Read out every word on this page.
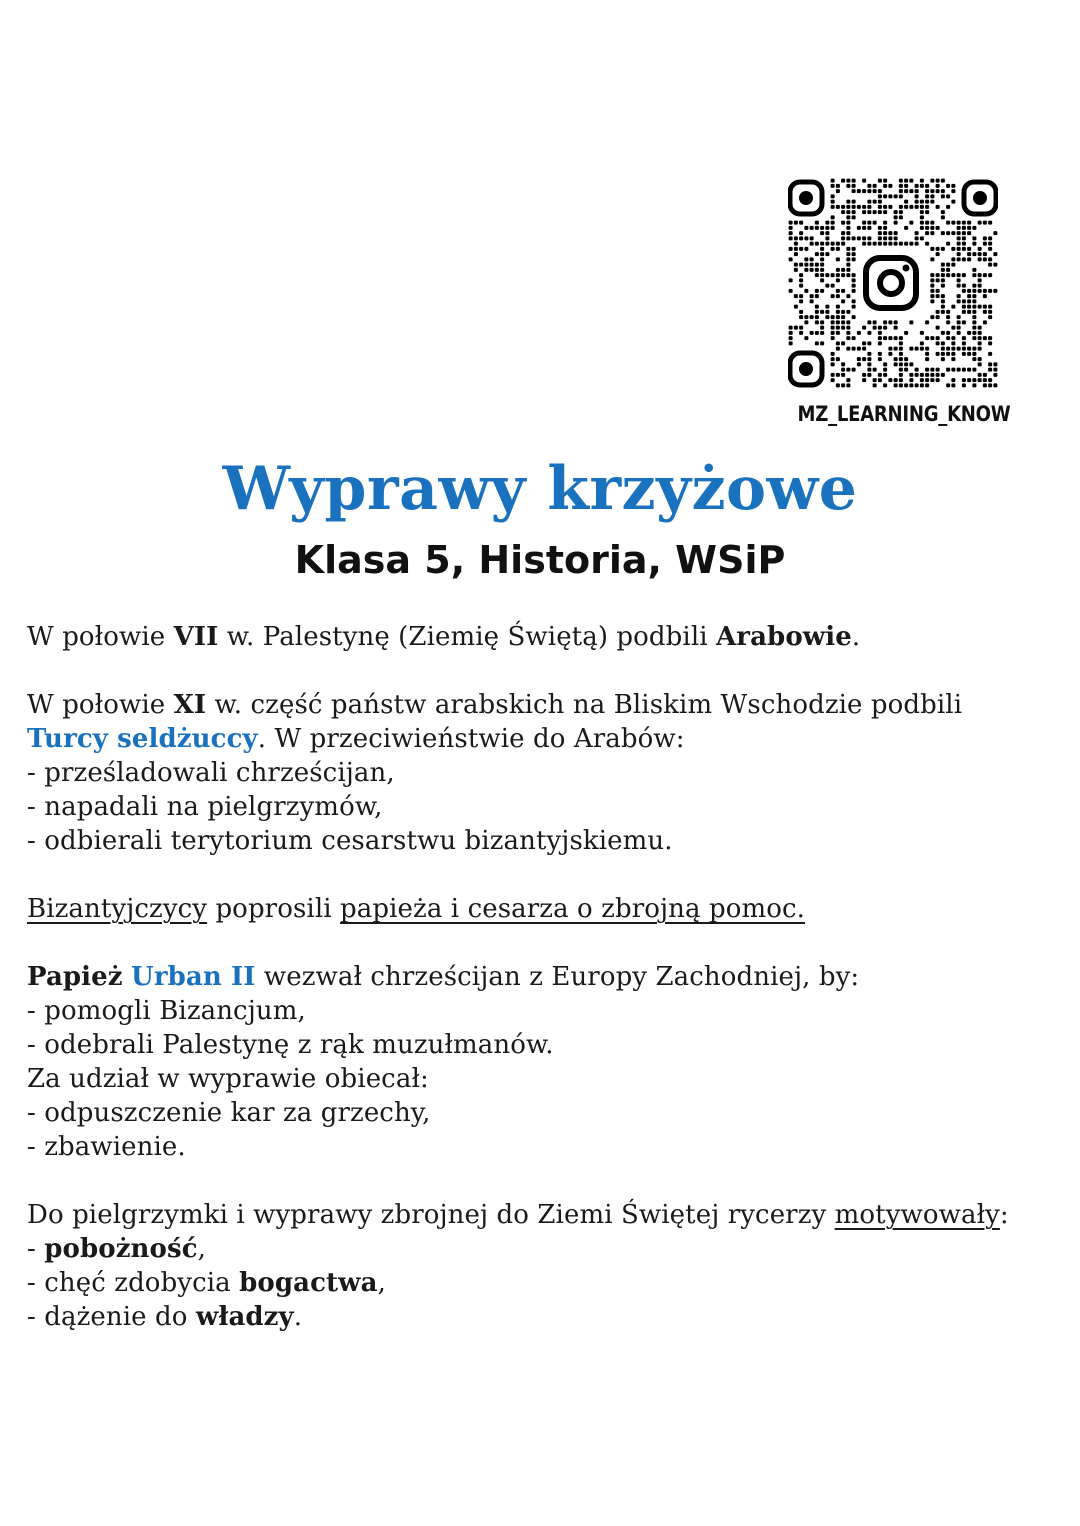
MZ_LEARNING_KNOW
Wyprawy krzyżowe
Klasa 5, Historia, WSiP

W połowie VII w. Palestynę (Ziemię Świętą) podbili Arabowie.

W połowie XI w. część państw arabskich na Bliskim Wschodzie podbili

Turcy seldżuccy. W przeciwieństwie do Arabów:

- prześladowali chrześcijan,

- napadali na pielgrzymów,

- odbierali terytorium cesarstwu bizantyjskiemu.

Bizantyjczycy poprosili papieża i cesarza o zbrojną pomoc.

Papież Urban II wezwał chrześcijan z Europy Zachodniej, by:

- pomogli Bizancjum,

- odebrali Palestynę z rąk muzułmanów.

Za udział w wyprawie obiecał:

- odpuszczenie kar za grzechy,

- zbawienie.

Do pielgrzymki i wyprawy zbrojnej do Ziemi Świętej rycerzy motywowały:

- pobożność,

- chęć zdobycia bogactwa,

- dążenie do władzy.
